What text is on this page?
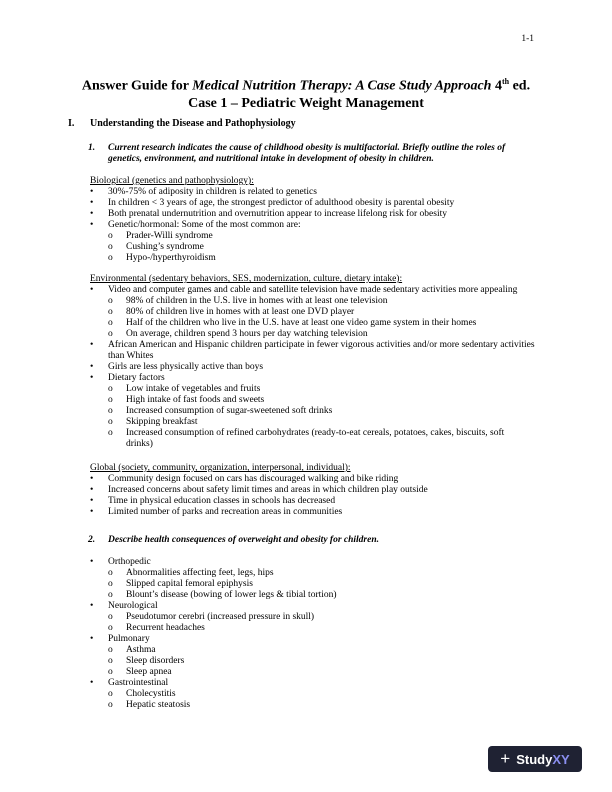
1-1
Answer Guide for Medical Nutrition Therapy: A Case Study Approach 4th ed.
Case 1 – Pediatric Weight Management
I. Understanding the Disease and Pathophysiology
1. Current research indicates the cause of childhood obesity is multifactorial. Briefly outline the roles of genetics, environment, and nutritional intake in development of obesity in children.
Biological (genetics and pathophysiology):
• 30%-75% of adiposity in children is related to genetics
• In children < 3 years of age, the strongest predictor of adulthood obesity is parental obesity
• Both prenatal undernutrition and overnutrition appear to increase lifelong risk for obesity
• Genetic/hormonal: Some of the most common are:
o Prader-Willi syndrome
o Cushing’s syndrome
o Hypo-/hyperthyroidism
Environmental (sedentary behaviors, SES, modernization, culture, dietary intake):
• Video and computer games and cable and satellite television have made sedentary activities more appealing
o 98% of children in the U.S. live in homes with at least one television
o 80% of children live in homes with at least one DVD player
o Half of the children who live in the U.S. have at least one video game system in their homes
o On average, children spend 3 hours per day watching television
• African American and Hispanic children participate in fewer vigorous activities and/or more sedentary activities than Whites
• Girls are less physically active than boys
• Dietary factors
o Low intake of vegetables and fruits
o High intake of fast foods and sweets
o Increased consumption of sugar-sweetened soft drinks
o Skipping breakfast
o Increased consumption of refined carbohydrates (ready-to-eat cereals, potatoes, cakes, biscuits, soft drinks)
Global (society, community, organization, interpersonal, individual):
• Community design focused on cars has discouraged walking and bike riding
• Increased concerns about safety limit times and areas in which children play outside
• Time in physical education classes in schools has decreased
• Limited number of parks and recreation areas in communities
2. Describe health consequences of overweight and obesity for children.
• Orthopedic
o Abnormalities affecting feet, legs, hips
o Slipped capital femoral epiphysis
o Blount’s disease (bowing of lower legs & tibial tortion)
• Neurological
o Pseudotumor cerebri (increased pressure in skull)
o Recurrent headaches
• Pulmonary
o Asthma
o Sleep disorders
o Sleep apnea
• Gastrointestinal
o Cholecystitis
o Hepatic steatosis
+ Study XY
